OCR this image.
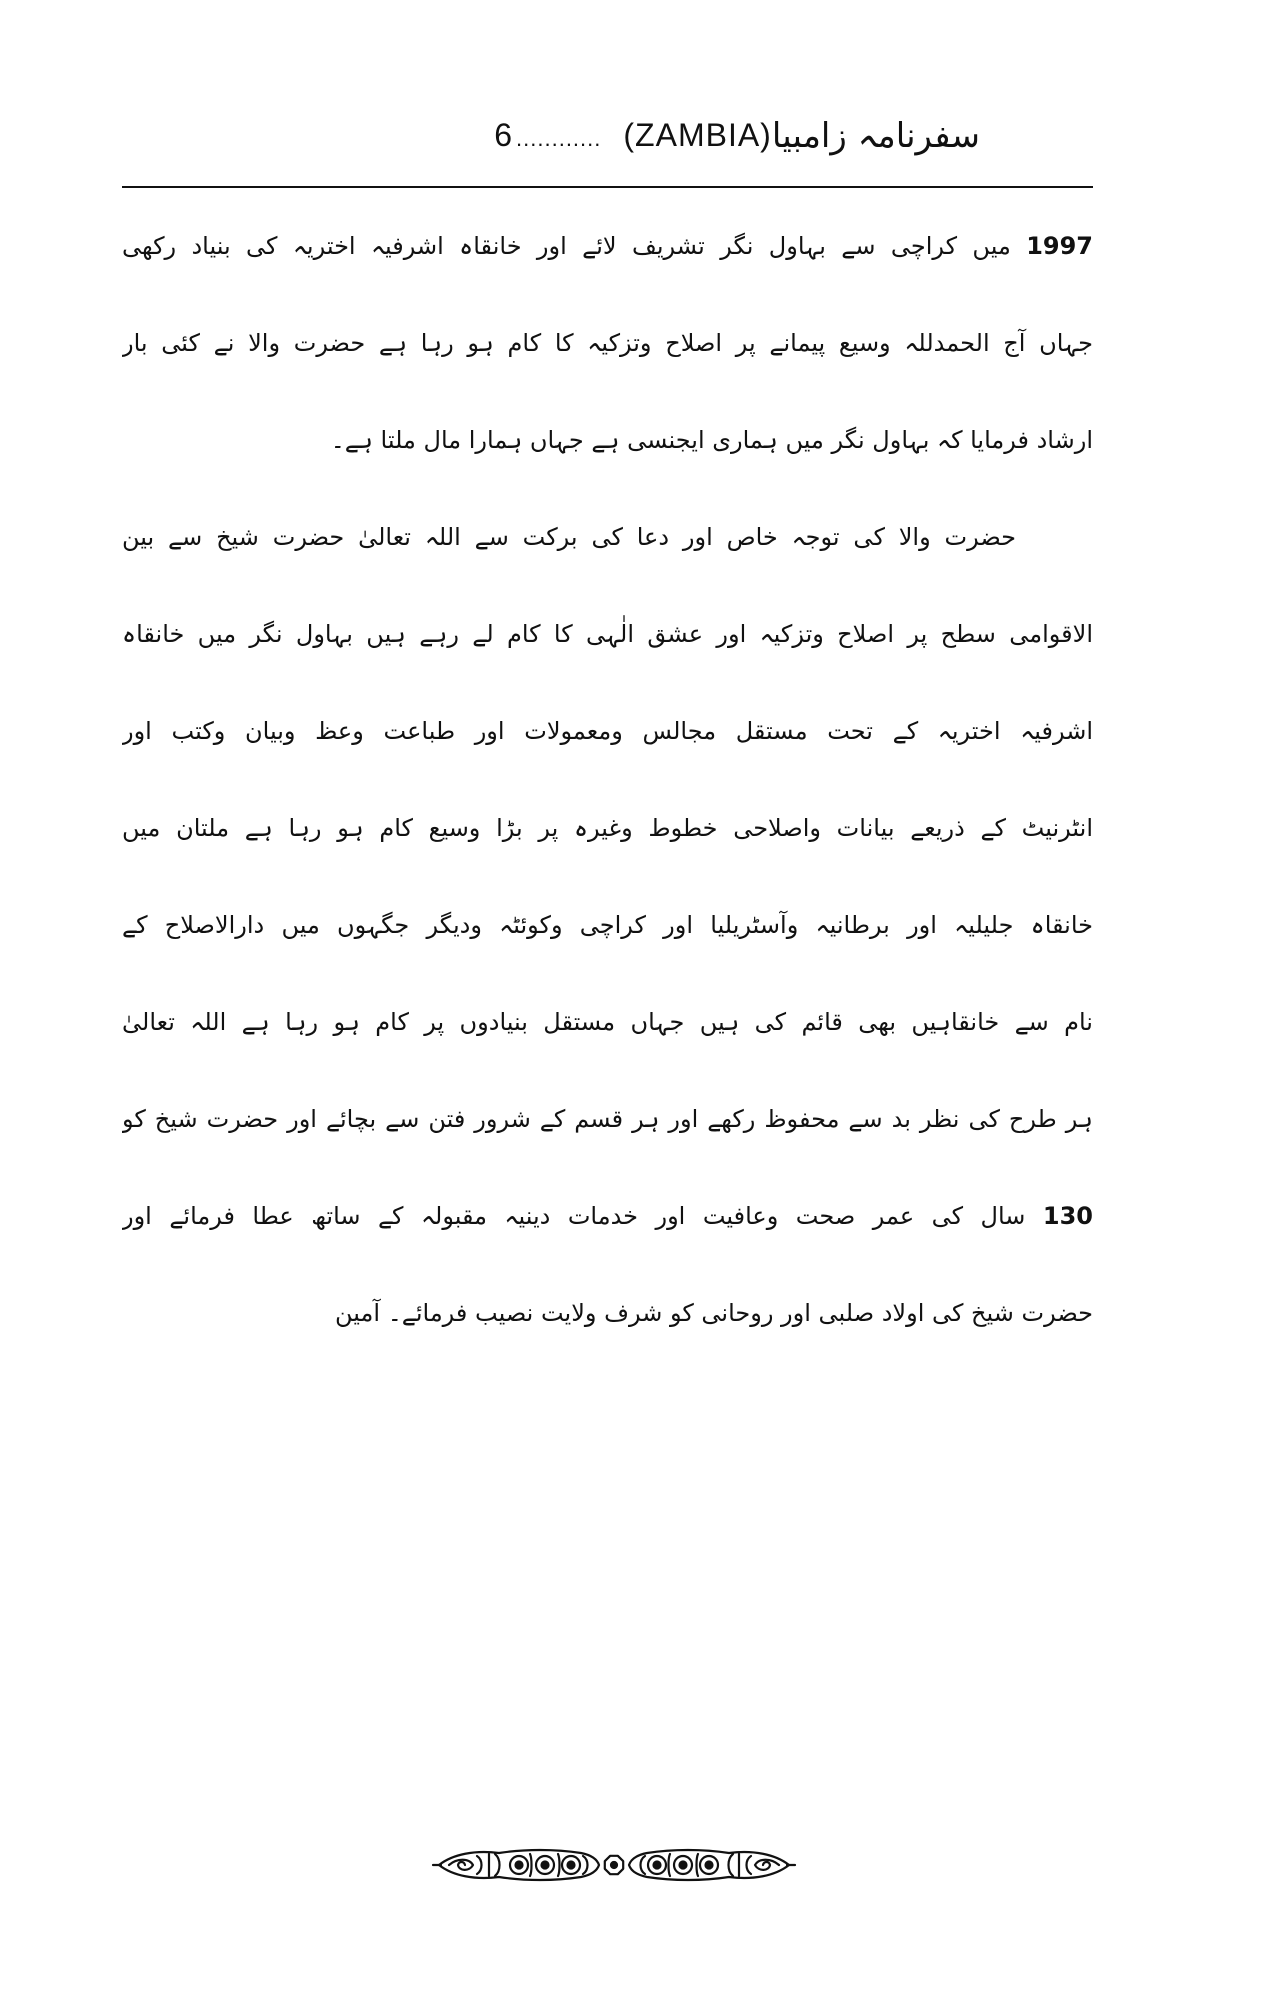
6 ............ (ZAMBIA) سفرنامہ زامبیا
1997 میں کراچی سے بہاول نگر تشریف لائے اور خانقاہ اشرفیہ اختریہ کی بنیاد رکھی
جہاں آج الحمدللہ وسیع پیمانے پر اصلاح وتزکیہ کا کام ہو رہا ہے حضرت والا نے کئی بار
ارشاد فرمایا کہ بہاول نگر میں ہماری ایجنسی ہے جہاں ہمارا مال ملتا ہے۔
حضرت والا کی توجہ خاص اور دعا کی برکت سے اللہ تعالیٰ حضرت شیخ سے بین
الاقوامی سطح پر اصلاح وتزکیہ اور عشق الٰہی کا کام لے رہے ہیں بہاول نگر میں خانقاہ
اشرفیہ اختریہ کے تحت مستقل مجالس ومعمولات اور طباعت وعظ وبیان وکتب اور
انٹرنیٹ کے ذریعے بیانات واصلاحی خطوط وغیرہ پر بڑا وسیع کام ہو رہا ہے ملتان میں
خانقاہ جلیلیہ اور برطانیہ وآسٹریلیا اور کراچی وکوئٹہ ودیگر جگہوں میں دارالاصلاح کے
نام سے خانقاہیں بھی قائم کی ہیں جہاں مستقل بنیادوں پر کام ہو رہا ہے اللہ تعالیٰ
ہر طرح کی نظر بد سے محفوظ رکھے اور ہر قسم کے شرور فتن سے بچائے اور حضرت شیخ کو
130 سال کی عمر صحت وعافیت اور خدمات دینیہ مقبولہ کے ساتھ عطا فرمائے اور
حضرت شیخ کی اولاد صلبی اور روحانی کو شرف ولایت نصیب فرمائے۔ آمین
